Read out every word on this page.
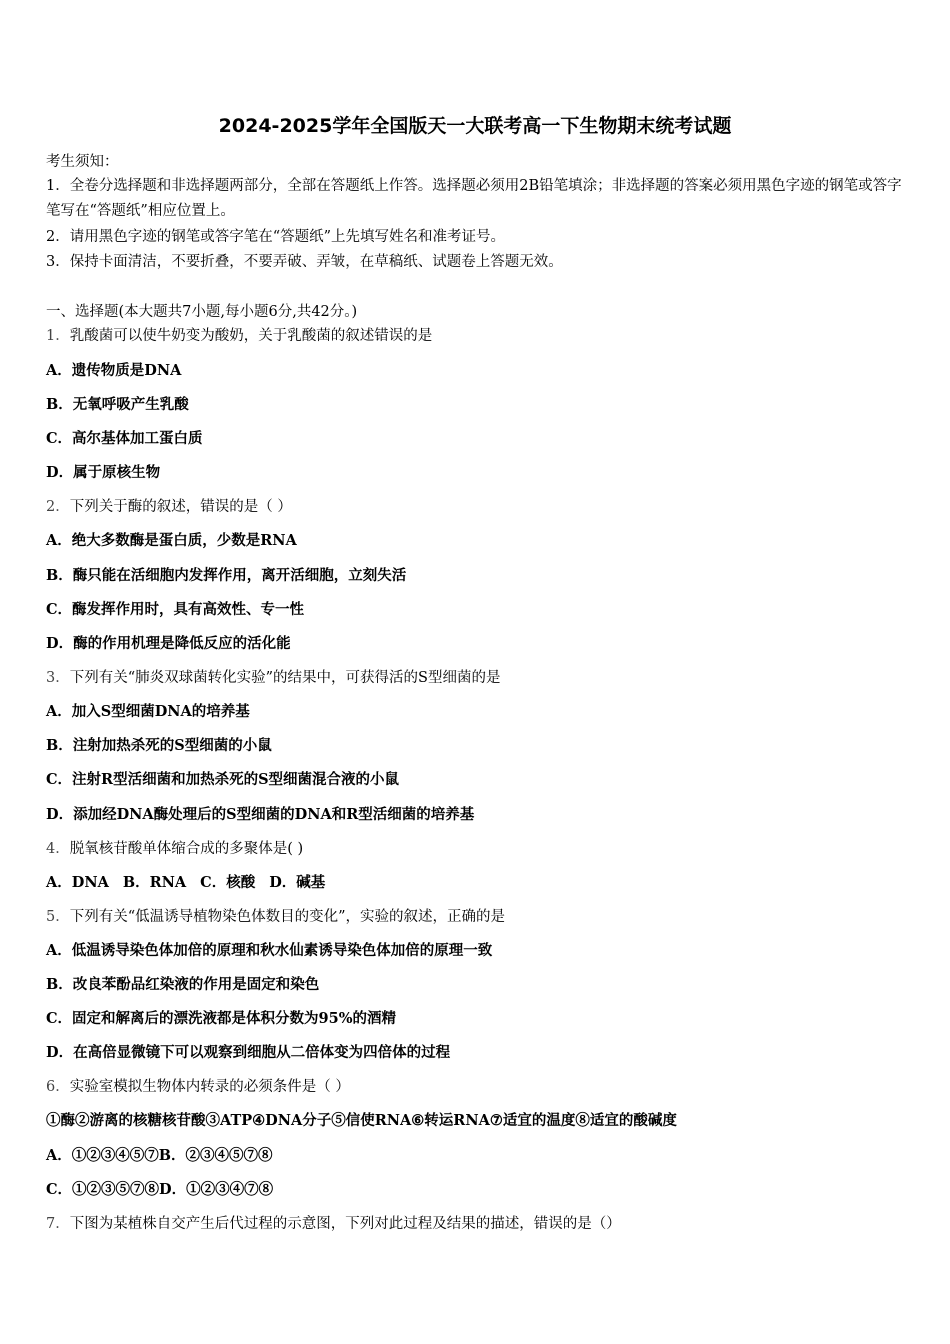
2024-2025学年全国版天一大联考高一下生物期末统考试题
考生须知：
1．全卷分选择题和非选择题两部分，全部在答题纸上作答。选择题必须用2B铅笔填涂；非选择题的答案必须用黑色字迹的钢笔或答字笔写在“答题纸”相应位置上。
2．请用黑色字迹的钢笔或答字笔在“答题纸”上先填写姓名和准考证号。
3．保持卡面清洁，不要折叠，不要弄破、弄皱，在草稿纸、试题卷上答题无效。
一、选择题(本大题共7小题,每小题6分,共42分。)
1．乳酸菌可以使牛奶变为酸奶，关于乳酸菌的叙述错误的是
A．遗传物质是DNA
B．无氧呼吸产生乳酸
C．高尔基体加工蛋白质
D．属于原核生物
2．下列关于酶的叙述，错误的是（ ）
A．绝大多数酶是蛋白质，少数是RNA
B．酶只能在活细胞内发挥作用，离开活细胞，立刻失活
C．酶发挥作用时，具有高效性、专一性
D．酶的作用机理是降低反应的活化能
3．下列有关“肺炎双球菌转化实验”的结果中，可获得活的S型细菌的是
A．加入S型细菌DNA的培养基
B．注射加热杀死的S型细菌的小鼠
C．注射R型活细菌和加热杀死的S型细菌混合液的小鼠
D．添加经DNA酶处理后的S型细菌的DNA和R型活细菌的培养基
4．脱氧核苷酸单体缩合成的多聚体是( )
A．DNA B．RNA C．核酸 D．碱基
5．下列有关“低温诱导植物染色体数目的变化”，实验的叙述，正确的是
A．低温诱导染色体加倍的原理和秋水仙素诱导染色体加倍的原理一致
B．改良苯酚品红染液的作用是固定和染色
C．固定和解离后的漂洗液都是体积分数为95%的酒精
D．在高倍显微镜下可以观察到细胞从二倍体变为四倍体的过程
6．实验室模拟生物体内转录的必须条件是（ ）
①酶②游离的核糖核苷酸③ATP④DNA分子⑤信使RNA⑥转运RNA⑦适宜的温度⑧适宜的酸碱度
A．①②③④⑤⑦B．②③④⑤⑦⑧
C．①②③⑤⑦⑧D．①②③④⑦⑧
7．下图为某植株自交产生后代过程的示意图，下列对此过程及结果的描述，错误的是（）
